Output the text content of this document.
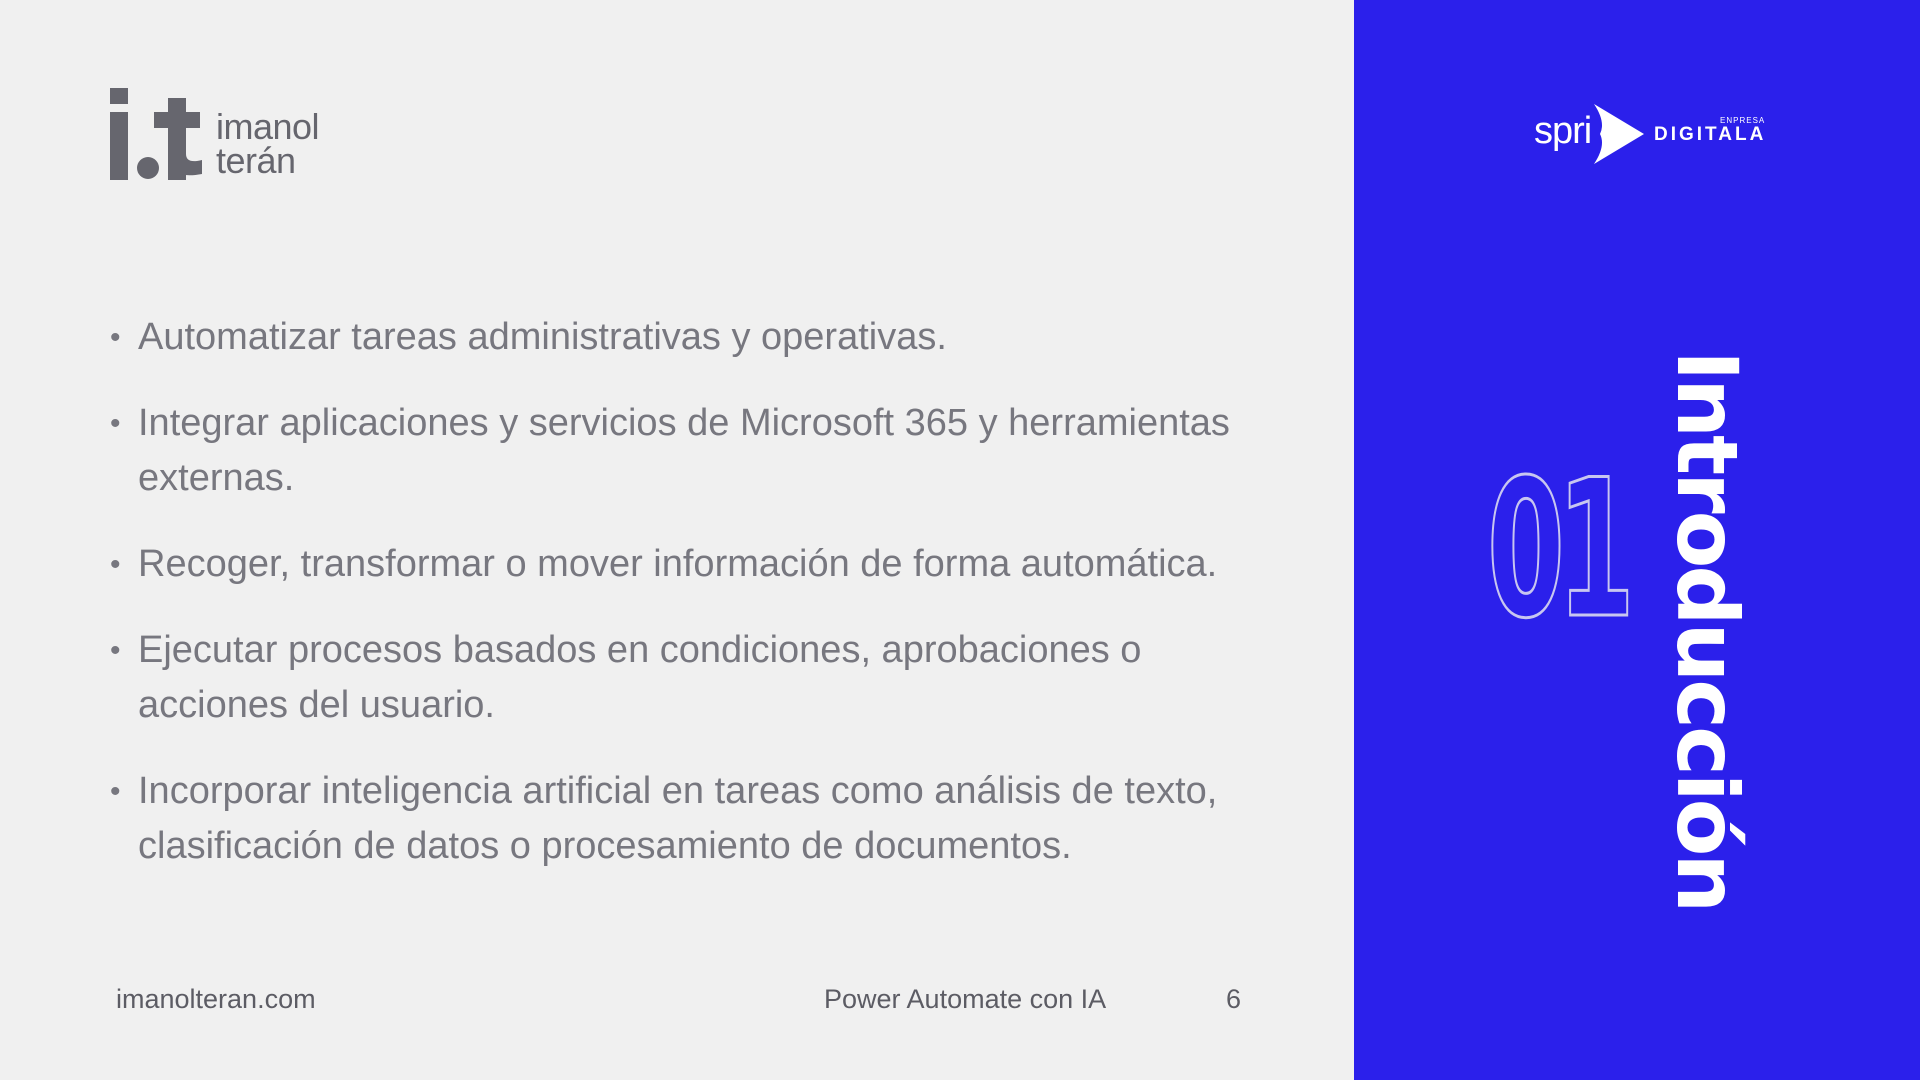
imanol
terán
• Automatizar tareas administrativas y operativas.
• Integrar aplicaciones y servicios de Microsoft 365 y herramientas externas.
• Recoger, transformar o mover información de forma automática.
• Ejecutar procesos basados en condiciones, aprobaciones o acciones del usuario.
• Incorporar inteligencia artificial en tareas como análisis de texto, clasificación de datos o procesamiento de documentos.
imanolteran.com	Power Automate con IA	6
spri	ENPRESA
DIGITALA
01 Introducción
